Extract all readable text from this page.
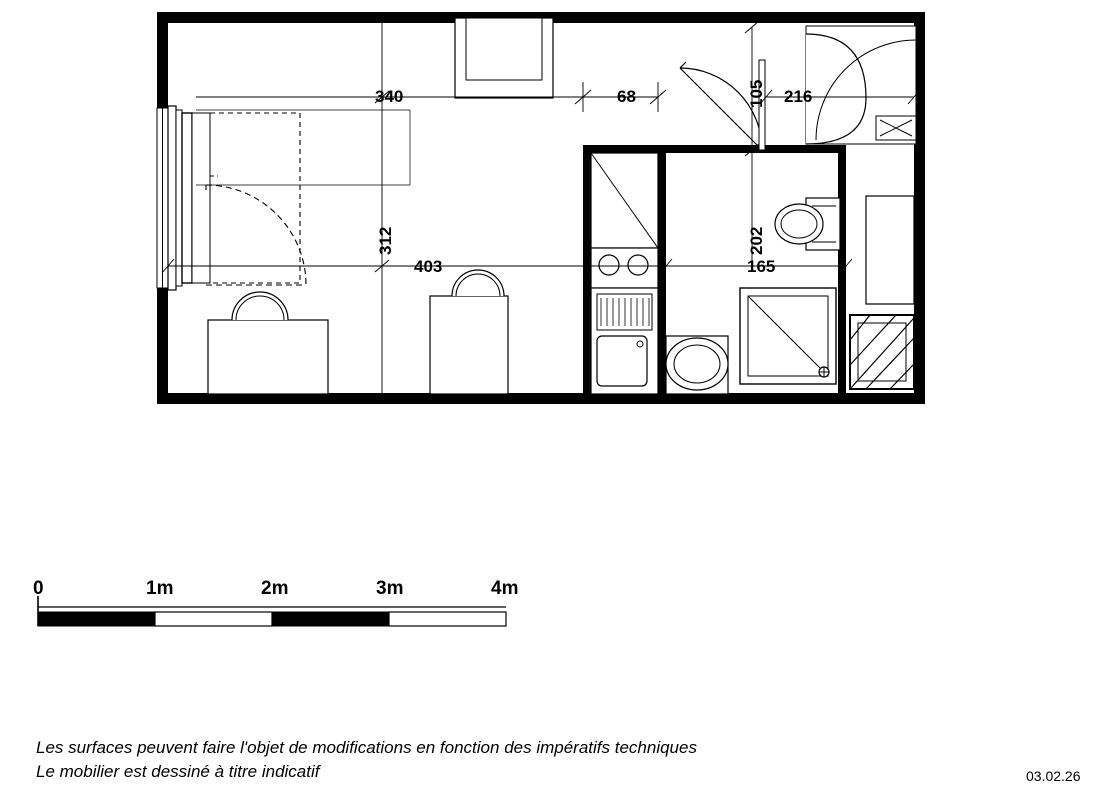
340	68	105 216
312	202
403	165
0	1m	2m	3m	4m
Les surfaces peuvent faire l'objet de modifications en fonction des impératifs techniques
Le mobilier est dessiné à titre indicatif	03.02.26
